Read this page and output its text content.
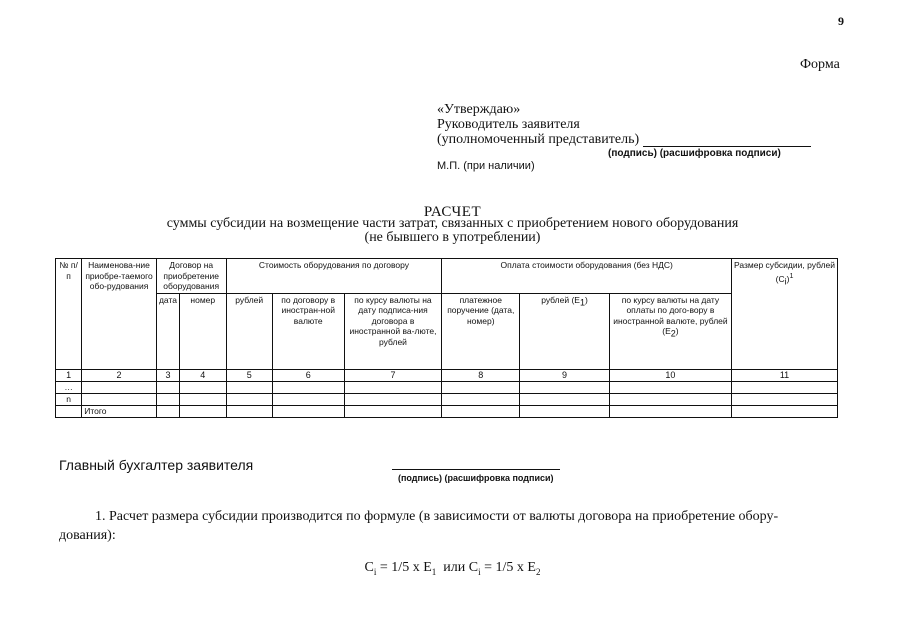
9
Форма
«Утверждаю»
Руководитель заявителя
(уполномоченный представитель)
(подпись) (расшифровка подписи)
М.П. (при наличии)
РАСЧЕТ
суммы субсидии на возмещение части затрат, связанных с приобретением нового оборудования
(не бывшего в употреблении)
№ п/п	Наименова-ние приобре-таемого обо-рудования	Договор на приобретение оборудования		Стоимость оборудования по договору			Оплата стоимости оборудования (без НДС)			Размер субсидии, рублей $(C_i)^1$
		дата	номер	рублей	по договору в иностран-ной валюте	по курсу валюты на дату подписа-ния договора в иностранной ва-люте, рублей	платежное поручение (дата, номер)	рублей $(E_1)$	по курсу валюты на дату оплаты по дого-вору в иностранной валюте, рублей $(E_2)$	
1	2	3	4	5	6	7	8	9	10	11
…										
n										
	Итого									
Главный бухгалтер заявителя
(подпись) (расшифровка подписи)
1. Расчет размера субсидии производится по формуле (в зависимости от валюты договора на приобретение обору-дования):
$C_i = 1/5$ x $E_1$  или $C_i = 1/5$ x $E_2$
